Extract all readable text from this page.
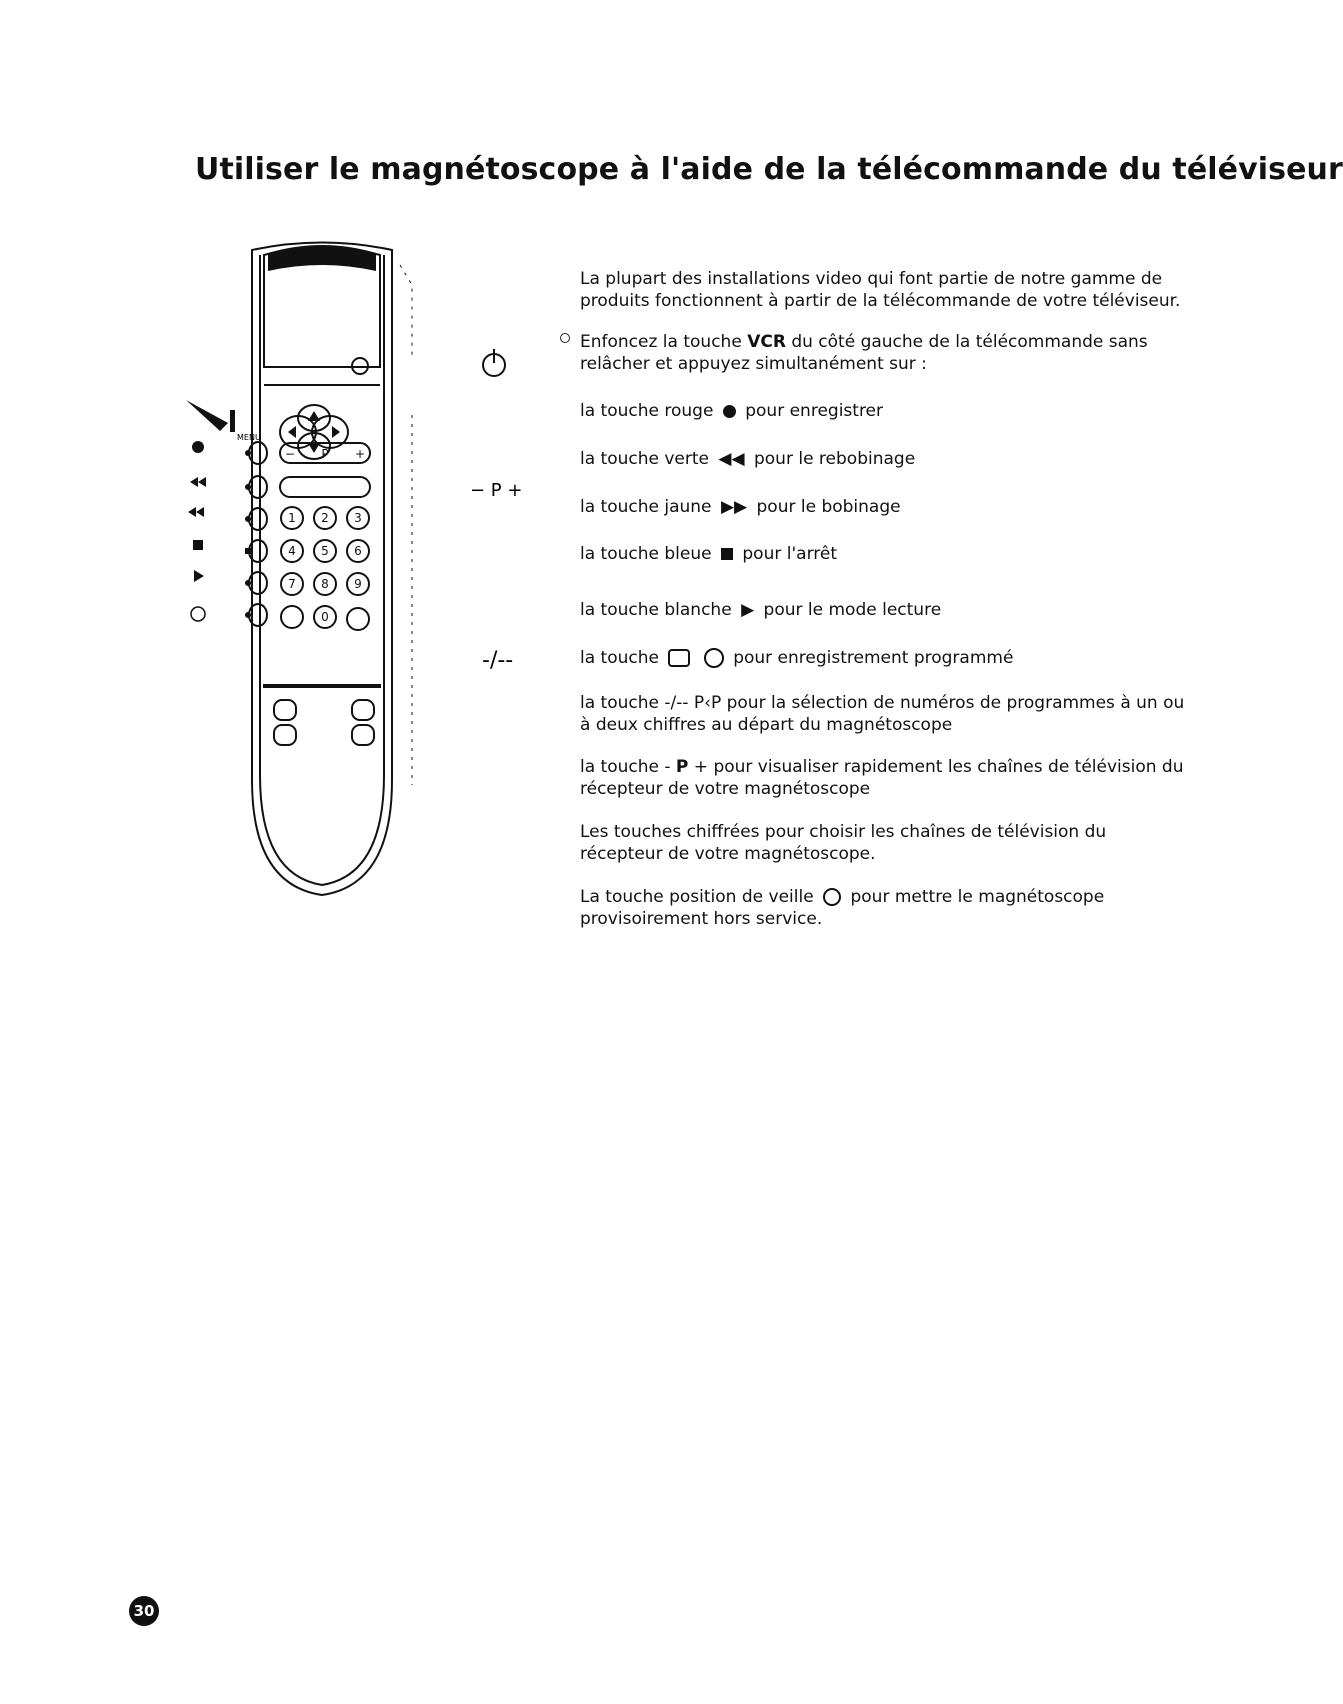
Utiliser le magnétoscope à l'aide de la télécommande du téléviseur
MENU
− P +
1 2 3
4 5 6
7 8 9
0
− P +
-/--
La plupart des installations video qui font partie de notre gamme de produits fonctionnent à partir de la télécommande de votre téléviseur.
Enfoncez la touche VCR du côté gauche de la télécommande sans relâcher et appuyez simultanément sur :
la touche rouge pour enregistrer
la touche verte ◀◀ pour le rebobinage
la touche jaune ▶▶ pour le bobinage
la touche bleue pour l'arrêt
la touche blanche ▶ pour le mode lecture
la touche	pour enregistrement programmé
la touche -/-- P‹P pour la sélection de numéros de programmes à un ou à deux chiffres au départ du magnétoscope
la touche - P + pour visualiser rapidement les chaînes de télévision du récepteur de votre magnétoscope
Les touches chiffrées pour choisir les chaînes de télévision du récepteur de votre magnétoscope.
La touche position de veille pour mettre le magnétoscope provisoirement hors service.
30
